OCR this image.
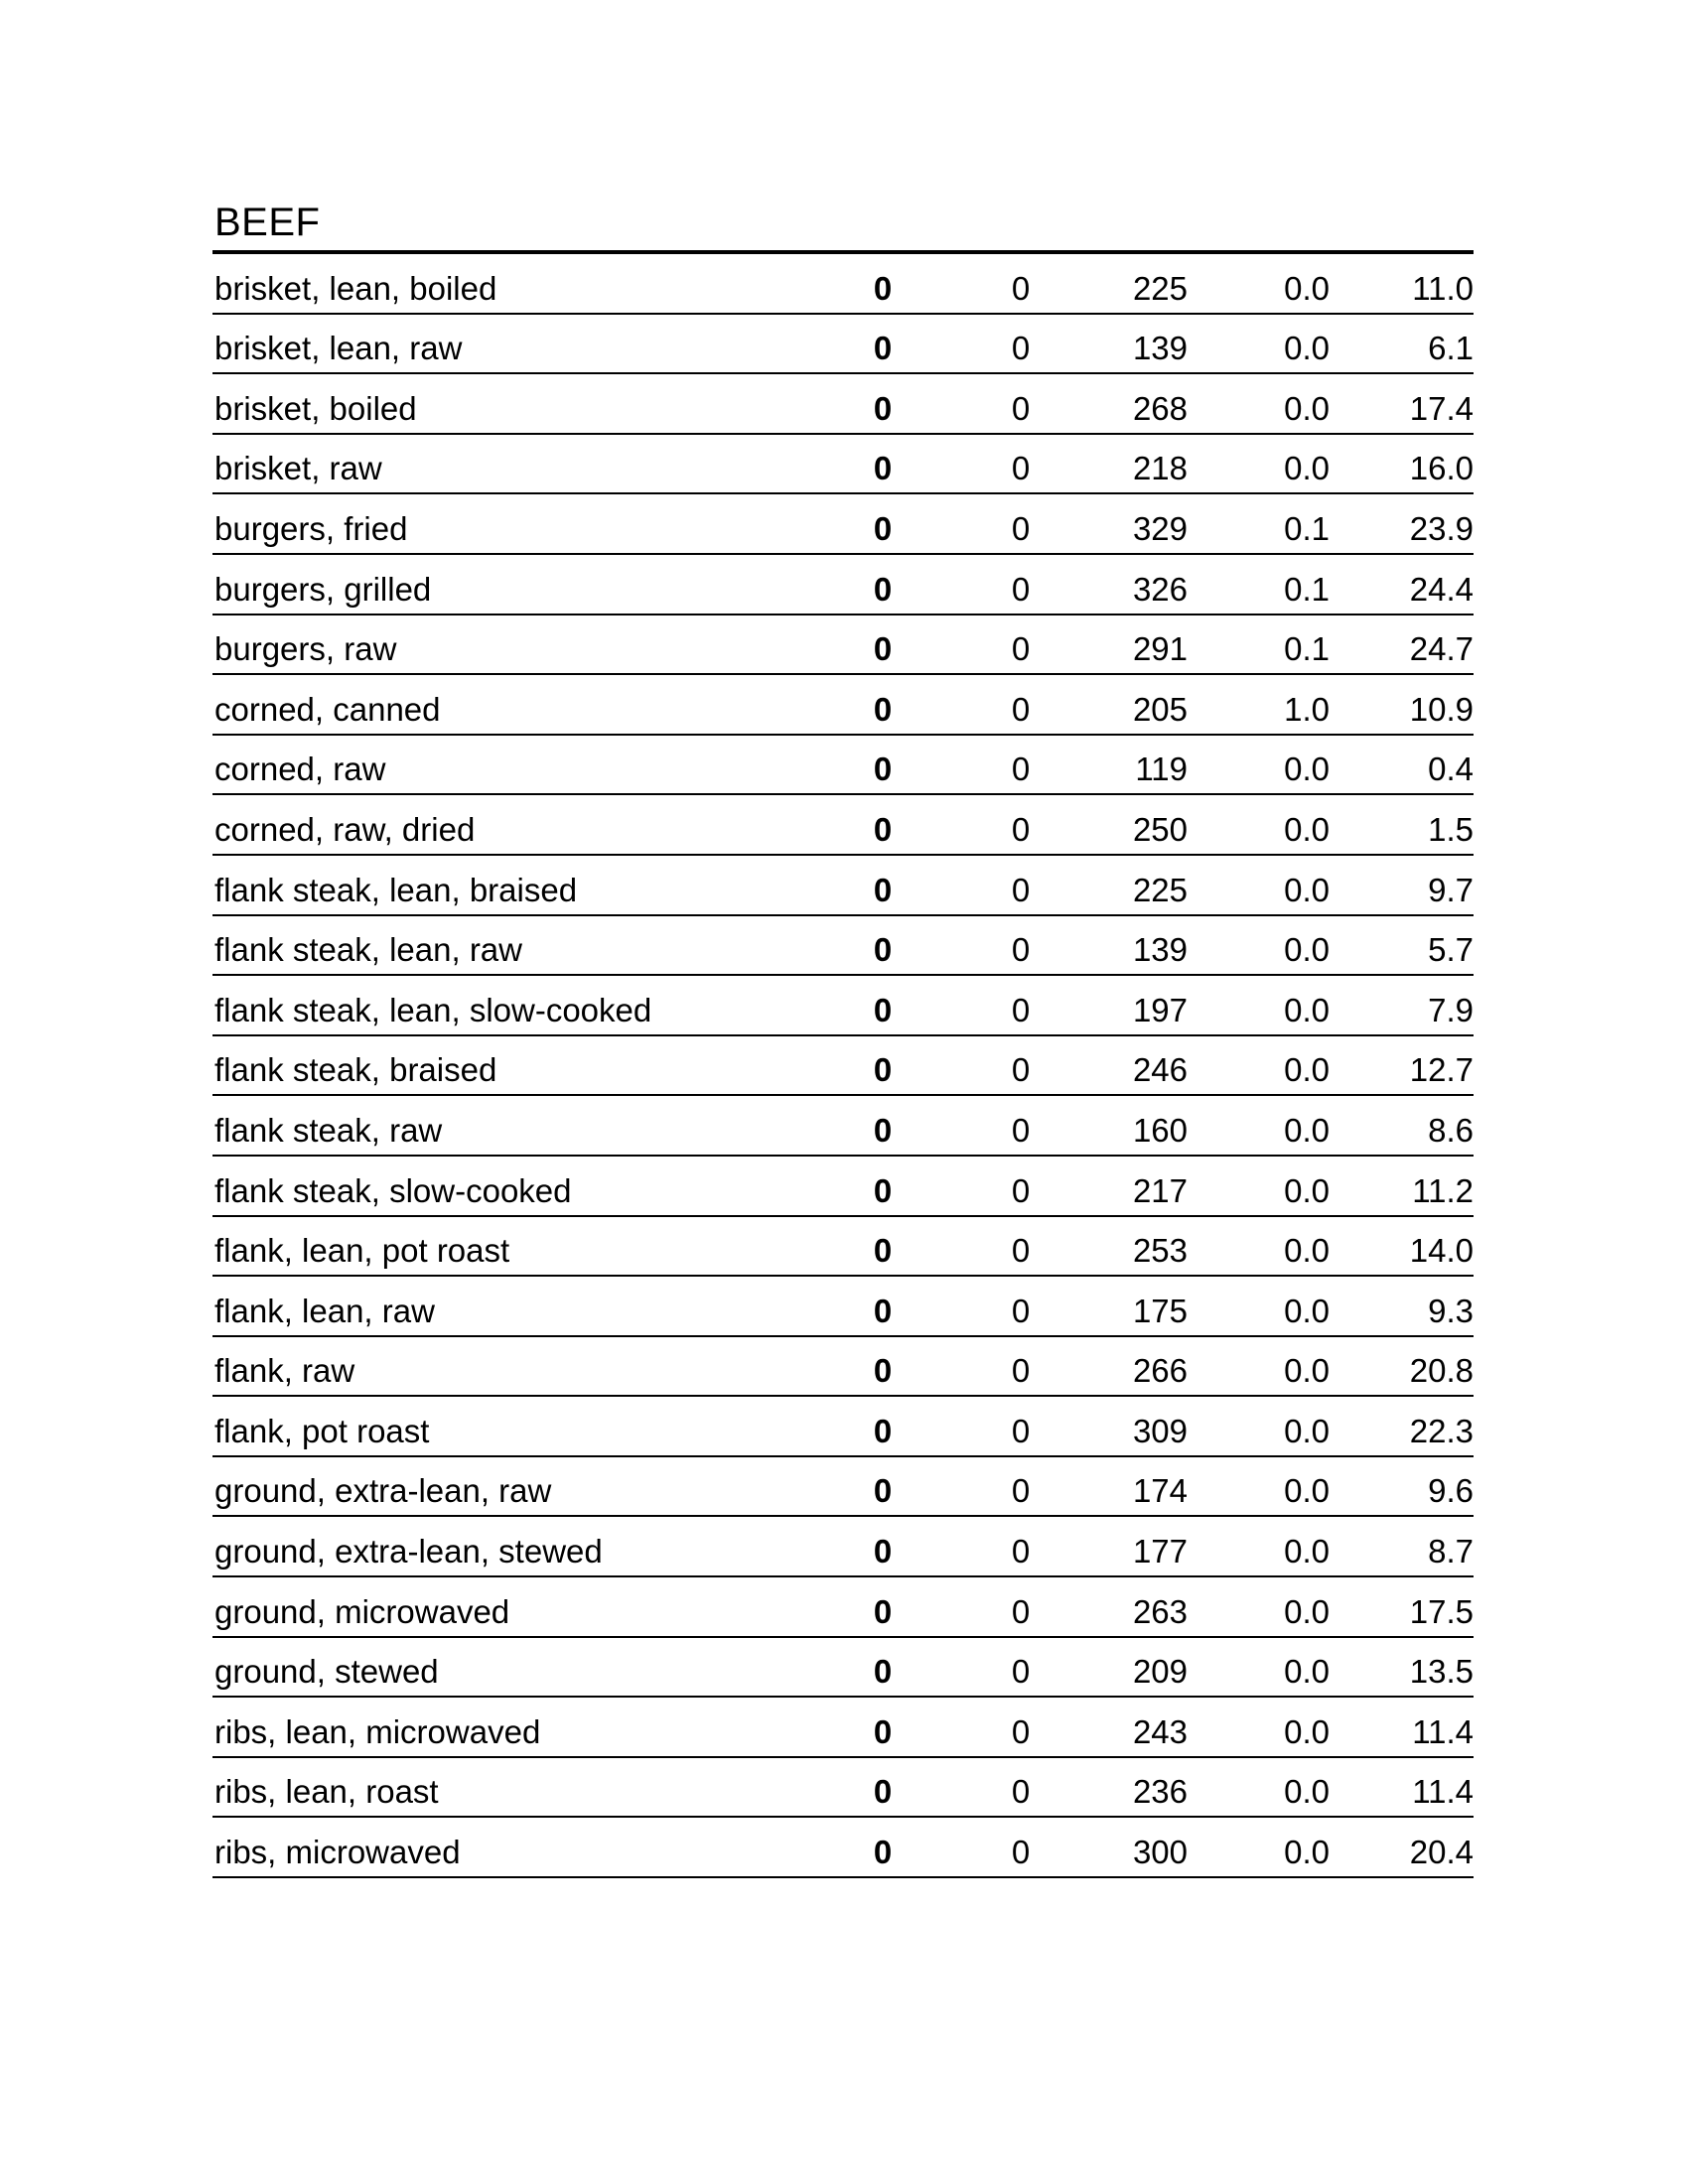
BEEF
brisket, lean, boiled	0	0	225	0.0	11.0
brisket, lean, raw	0	0	139	0.0	6.1
brisket, boiled	0	0	268	0.0 17.4
brisket, raw	0	0	218	0.0 16.0
burgers, fried	0	0	329	0.1 23.9
burgers, grilled	0	0	326	0.1 24.4
burgers, raw	0	0	291	0.1 24.7
corned, canned	0	0	205	1.0 10.9
corned, raw	0	0	119	0.0	0.4
corned, raw, dried	0	0	250	0.0	1.5
flank steak, lean, braised	0	0	225	0.0	9.7
flank steak, lean, raw	0	0	139	0.0	5.7
flank steak, lean, slow-cooked	0	0	197	0.0	7.9
flank steak, braised	0	0	246	0.0 12.7
flank steak, raw	0	0	160	0.0	8.6
flank steak, slow-cooked	0	0	217	0.0	11.2
flank, lean, pot roast	0	0	253	0.0 14.0
flank, lean, raw	0	0	175	0.0	9.3
flank, raw	0	0	266	0.0 20.8
flank, pot roast	0	0	309	0.0 22.3
ground, extra-lean, raw	0	0	174	0.0	9.6
ground, extra-lean, stewed	0	0	177	0.0	8.7
ground, microwaved	0	0	263	0.0 17.5
ground, stewed	0	0	209	0.0 13.5
ribs, lean, microwaved	0	0	243	0.0	11.4
ribs, lean, roast	0	0	236	0.0	11.4
ribs, microwaved	0	0	300	0.0 20.4
